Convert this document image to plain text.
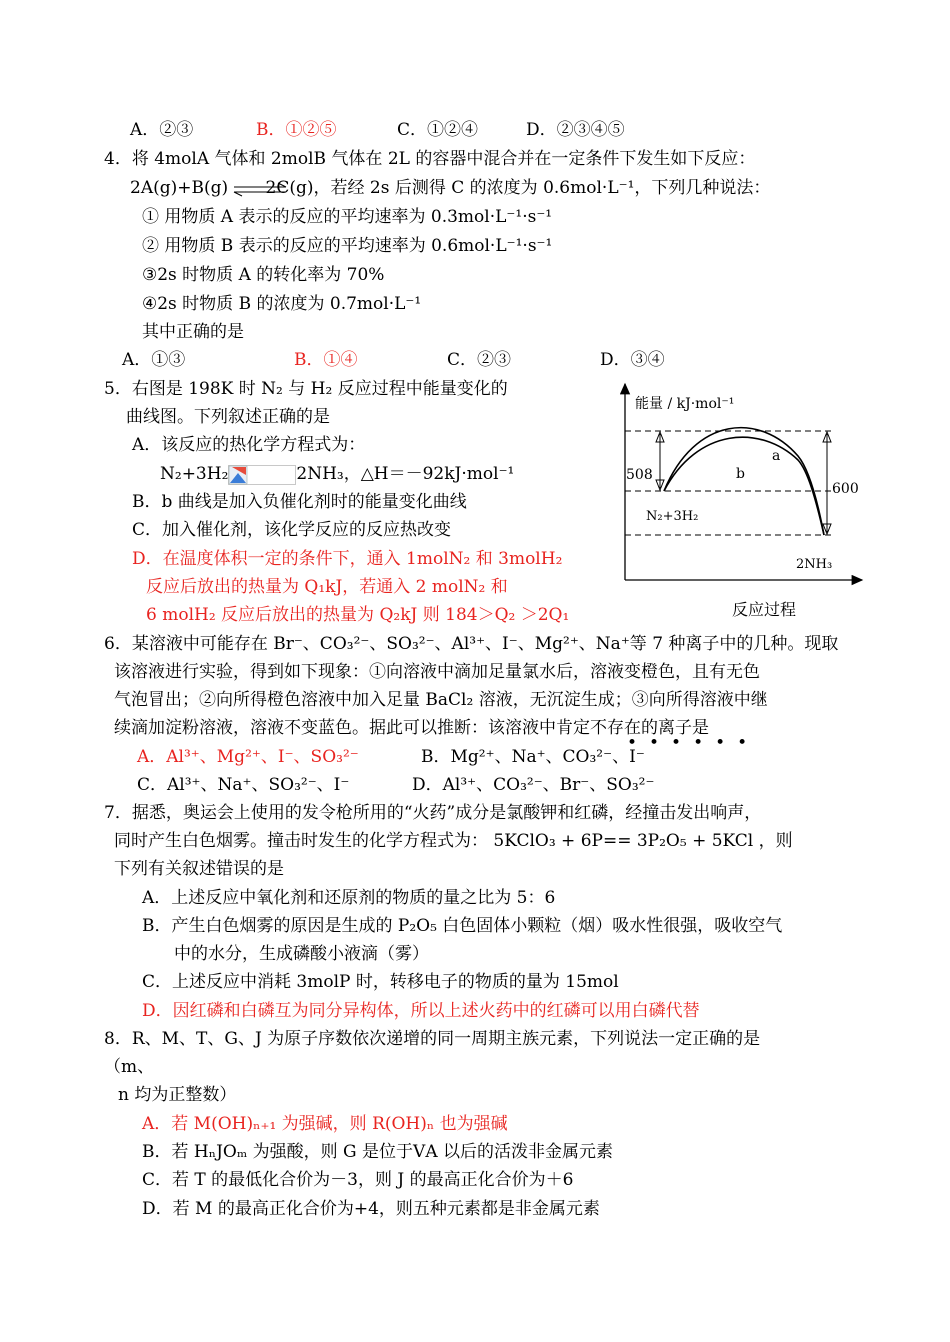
A．②③	B．①②⑤	C．①②④	D．②③④⑤
4．将 4molA 气体和 2molB 气体在 2L 的容器中混合并在一定条件下发生如下反应：
2A(g)+B(g) ⇌2C(g)，若经 2s 后测得 C 的浓度为 0.6mol·L⁻¹，下列几种说法：
① 用物质 A 表示的反应的平均速率为 0.3mol·L⁻¹·s⁻¹
② 用物质 B 表示的反应的平均速率为 0.6mol·L⁻¹·s⁻¹
③2s 时物质 A 的转化率为 70%
④2s 时物质 B 的浓度为 0.7mol·L⁻¹
其中正确的是
A．①③	B．①④	C．②③	D．③④
5．右图是 198K 时 N₂ 与 H₂ 反应过程中能量变化的
曲线图。下列叙述正确的是
A．该反应的热化学方程式为：
N₂+3H₂	2NH₃，△H＝－92kJ·mol⁻¹
B．b 曲线是加入负催化剂时的能量变化曲线
C．加入催化剂，该化学反应的反应热改变
D．在温度体积一定的条件下，通入 1molN₂ 和 3molH₂
反应后放出的热量为 Q₁kJ，若通入 2 molN₂ 和
6 molH₂ 反应后放出的热量为 Q₂kJ 则 184＞Q₂ ＞2Q₁
能量 / kJ·mol⁻¹
508
600
a
b
N₂+3H₂
2NH₃
反应过程
6．某溶液中可能存在 Br⁻、CO₃²⁻、SO₃²⁻、Al³⁺、I⁻、Mg²⁺、Na⁺等 7 种离子中的几种。现取
该溶液进行实验，得到如下现象：①向溶液中滴加足量氯水后，溶液变橙色，且有无色
气泡冒出；②向所得橙色溶液中加入足量 BaCl₂ 溶液，无沉淀生成；③向所得溶液中继
续滴加淀粉溶液，溶液不变蓝色。据此可以推断：该溶液中肯定不存在的离子是
••••••
A．Al³⁺、Mg²⁺、I⁻、SO₃²⁻	B．Mg²⁺、Na⁺、CO₃²⁻、I⁻
C．Al³⁺、Na⁺、SO₃²⁻、I⁻	D．Al³⁺、CO₃²⁻、Br⁻、SO₃²⁻
7．据悉，奥运会上使用的发令枪所用的“火药”成分是氯酸钾和红磷，经撞击发出响声，
同时产生白色烟雾。撞击时发生的化学方程式为： 5KClO₃ + 6P== 3P₂O₅ + 5KCl ，则
下列有关叙述错误的是
A．上述反应中氧化剂和还原剂的物质的量之比为 5：6
B．产生白色烟雾的原因是生成的 P₂O₅ 白色固体小颗粒（烟）吸水性很强，吸收空气
中的水分，生成磷酸小液滴（雾）
C．上述反应中消耗 3molP 时，转移电子的物质的量为 15mol
D．因红磷和白磷互为同分异构体，所以上述火药中的红磷可以用白磷代替
8．R、M、T、G、J 为原子序数依次递增的同一周期主族元素，下列说法一定正确的是
（m、
n 均为正整数）
A．若 M(OH)ₙ₊₁ 为强碱，则 R(OH)ₙ 也为强碱
B．若 HₙJOₘ 为强酸，则 G 是位于ⅤA 以后的活泼非金属元素
C．若 T 的最低化合价为－3，则 J 的最高正化合价为＋6
D．若 M 的最高正化合价为+4，则五种元素都是非金属元素
